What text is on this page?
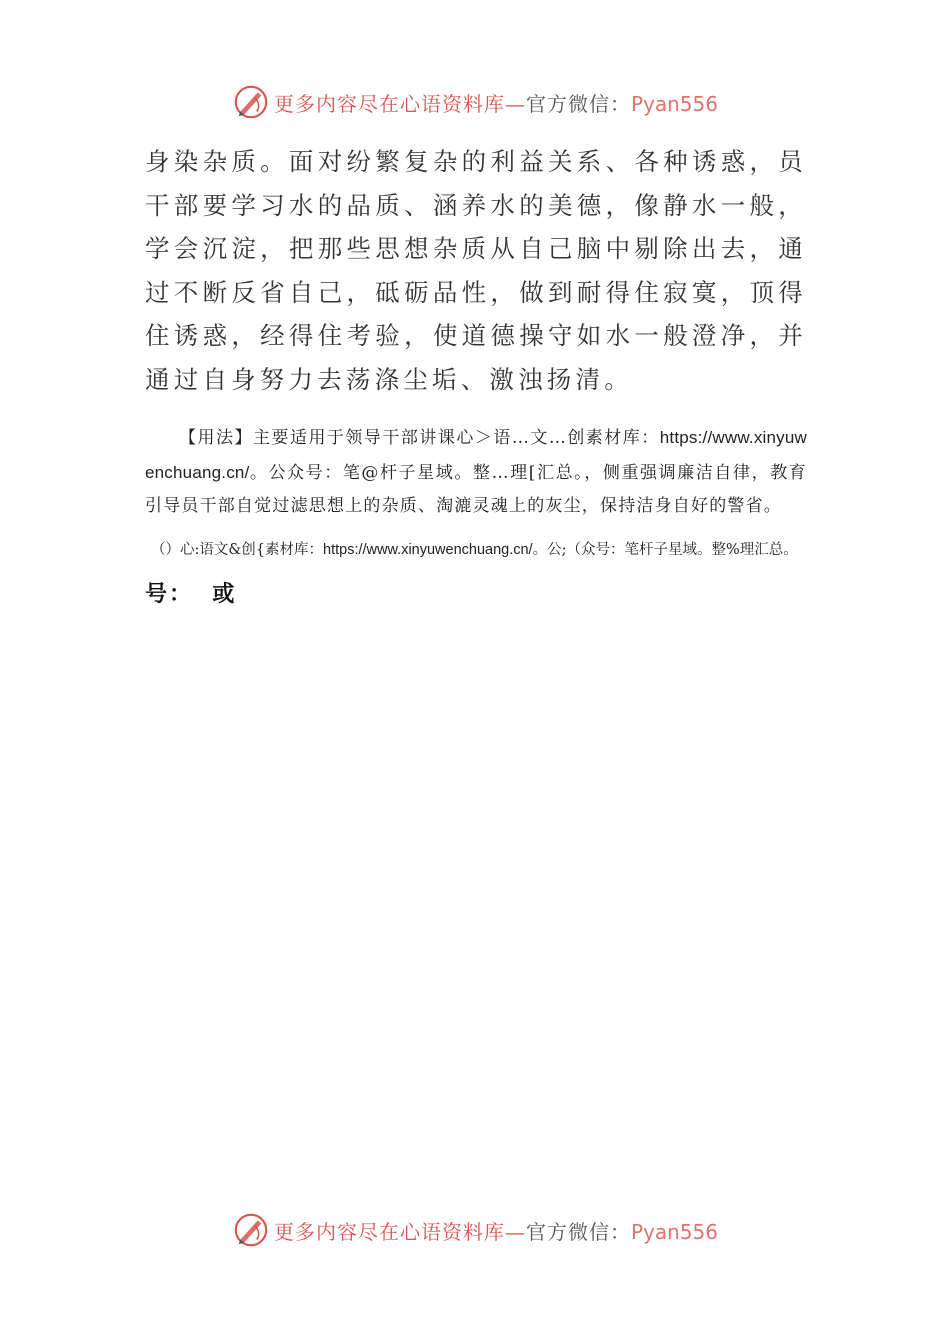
更多内容尽在心语资料库—官方微信：Pyan556

身染杂质。面对纷繁复杂的利益关系、各种诱惑，员干部要学习水的品质、涵养水的美德，像静水一般，学会沉淀，把那些思想杂质从自己脑中剔除出去，通过不断反省自己，砥砺品性，做到耐得住寂寞，顶得住诱惑，经得住考验，使道德操守如水一般澄净，并通过自身努力去荡涤尘垢、激浊扬清。

【用法】主要适用于领导干部讲课心＞语…文…创素材库：https://www.xinyuwenchuang.cn/。公众号：笔@杆子星域。整…理[汇总。，侧重强调廉洁自律，教育引导员干部自觉过滤思想上的杂质、淘漉灵魂上的灰尘，保持洁身自好的警省。

（）心:语文&创{素材库：https://www.xinyuwenchuang.cn/。公;（众号：笔杆子星域。整%理汇总。

号：  或

更多内容尽在心语资料库—官方微信：Pyan556
